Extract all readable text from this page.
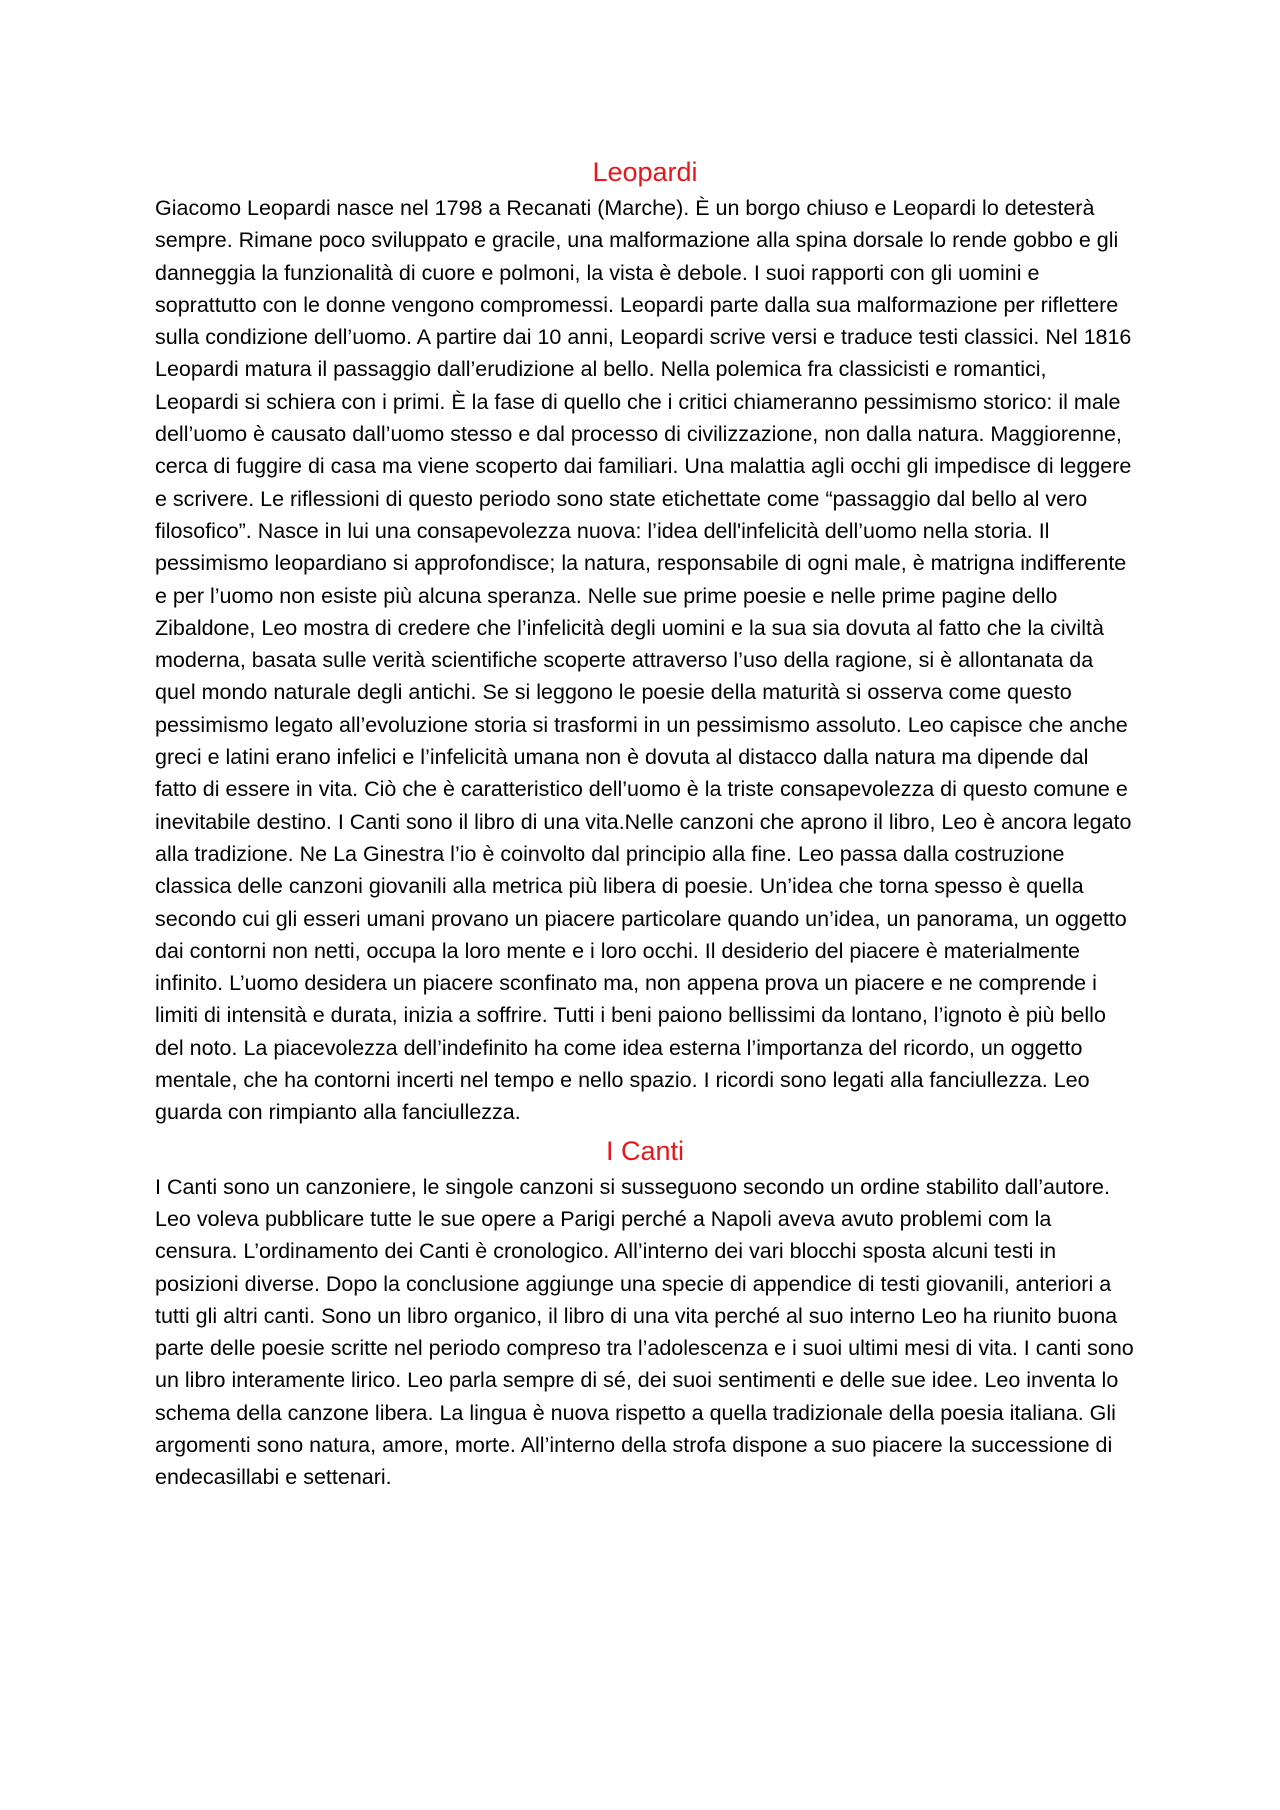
Leopardi

Giacomo Leopardi nasce nel 1798 a Recanati (Marche). È un borgo chiuso e Leopardi lo detesterà sempre. Rimane poco sviluppato e gracile, una malformazione alla spina dorsale lo rende gobbo e gli danneggia la funzionalità di cuore e polmoni, la vista è debole. I suoi rapporti con gli uomini e soprattutto con le donne vengono compromessi. Leopardi parte dalla sua malformazione per riflettere sulla condizione dell’uomo. A partire dai 10 anni, Leopardi scrive versi e traduce testi classici. Nel 1816 Leopardi matura il passaggio dall’erudizione al bello. Nella polemica fra classicisti e romantici, Leopardi si schiera con i primi. È la fase di quello che i critici chiameranno pessimismo storico: il male dell’uomo è causato dall’uomo stesso e dal processo di civilizzazione, non dalla natura. Maggiorenne, cerca di fuggire di casa ma viene scoperto dai familiari. Una malattia agli occhi gli impedisce di leggere e scrivere. Le riflessioni di questo periodo sono state etichettate come “passaggio dal bello al vero filosofico”. Nasce in lui una consapevolezza nuova: l’idea dell'infelicità dell’uomo nella storia. Il pessimismo leopardiano si approfondisce; la natura, responsabile di ogni male, è matrigna indifferente e per l’uomo non esiste più alcuna speranza. Nelle sue prime poesie e nelle prime pagine dello Zibaldone, Leo mostra di credere che l’infelicità degli uomini e la sua sia dovuta al fatto che la civiltà moderna, basata sulle verità scientifiche scoperte attraverso l’uso della ragione, si è allontanata da quel mondo naturale degli antichi. Se si leggono le poesie della maturità si osserva come questo pessimismo legato all’evoluzione storia si trasformi in un pessimismo assoluto. Leo capisce che anche greci e latini erano infelici e l’infelicità umana non è dovuta al distacco dalla natura ma dipende dal fatto di essere in vita. Ciò che è caratteristico dell’uomo è la triste consapevolezza di questo comune e inevitabile destino. I Canti sono il libro di una vita.Nelle canzoni che aprono il libro, Leo è ancora legato alla tradizione. Ne La Ginestra l’io è coinvolto dal principio alla fine. Leo passa dalla costruzione classica delle canzoni giovanili alla metrica più libera di poesie. Un’idea che torna spesso è quella secondo cui gli esseri umani provano un piacere particolare quando un’idea, un panorama, un oggetto dai contorni non netti, occupa la loro mente e i loro occhi. Il desiderio del piacere è materialmente infinito. L’uomo desidera un piacere sconfinato ma, non appena prova un piacere e ne comprende i limiti di intensità e durata, inizia a soffrire. Tutti i beni paiono bellissimi da lontano, l’ignoto è più bello del noto. La piacevolezza dell’indefinito ha come idea esterna l’importanza del ricordo, un oggetto mentale, che ha contorni incerti nel tempo e nello spazio. I ricordi sono legati alla fanciullezza. Leo guarda con rimpianto alla fanciullezza.

I Canti

I Canti sono un canzoniere, le singole canzoni si susseguono secondo un ordine stabilito dall’autore. Leo voleva pubblicare tutte le sue opere a Parigi perché a Napoli aveva avuto problemi com la censura. L’ordinamento dei Canti è cronologico. All’interno dei vari blocchi sposta alcuni testi in posizioni diverse. Dopo la conclusione aggiunge una specie di appendice di testi giovanili, anteriori a tutti gli altri canti. Sono un libro organico, il libro di una vita perché al suo interno Leo ha riunito buona parte delle poesie scritte nel periodo compreso tra l’adolescenza e i suoi ultimi mesi di vita. I canti sono un libro interamente lirico. Leo parla sempre di sé, dei suoi sentimenti e delle sue idee. Leo inventa lo schema della canzone libera. La lingua è nuova rispetto a quella tradizionale della poesia italiana. Gli argomenti sono natura, amore, morte. All’interno della strofa dispone a suo piacere la successione di endecasillabi e settenari.
